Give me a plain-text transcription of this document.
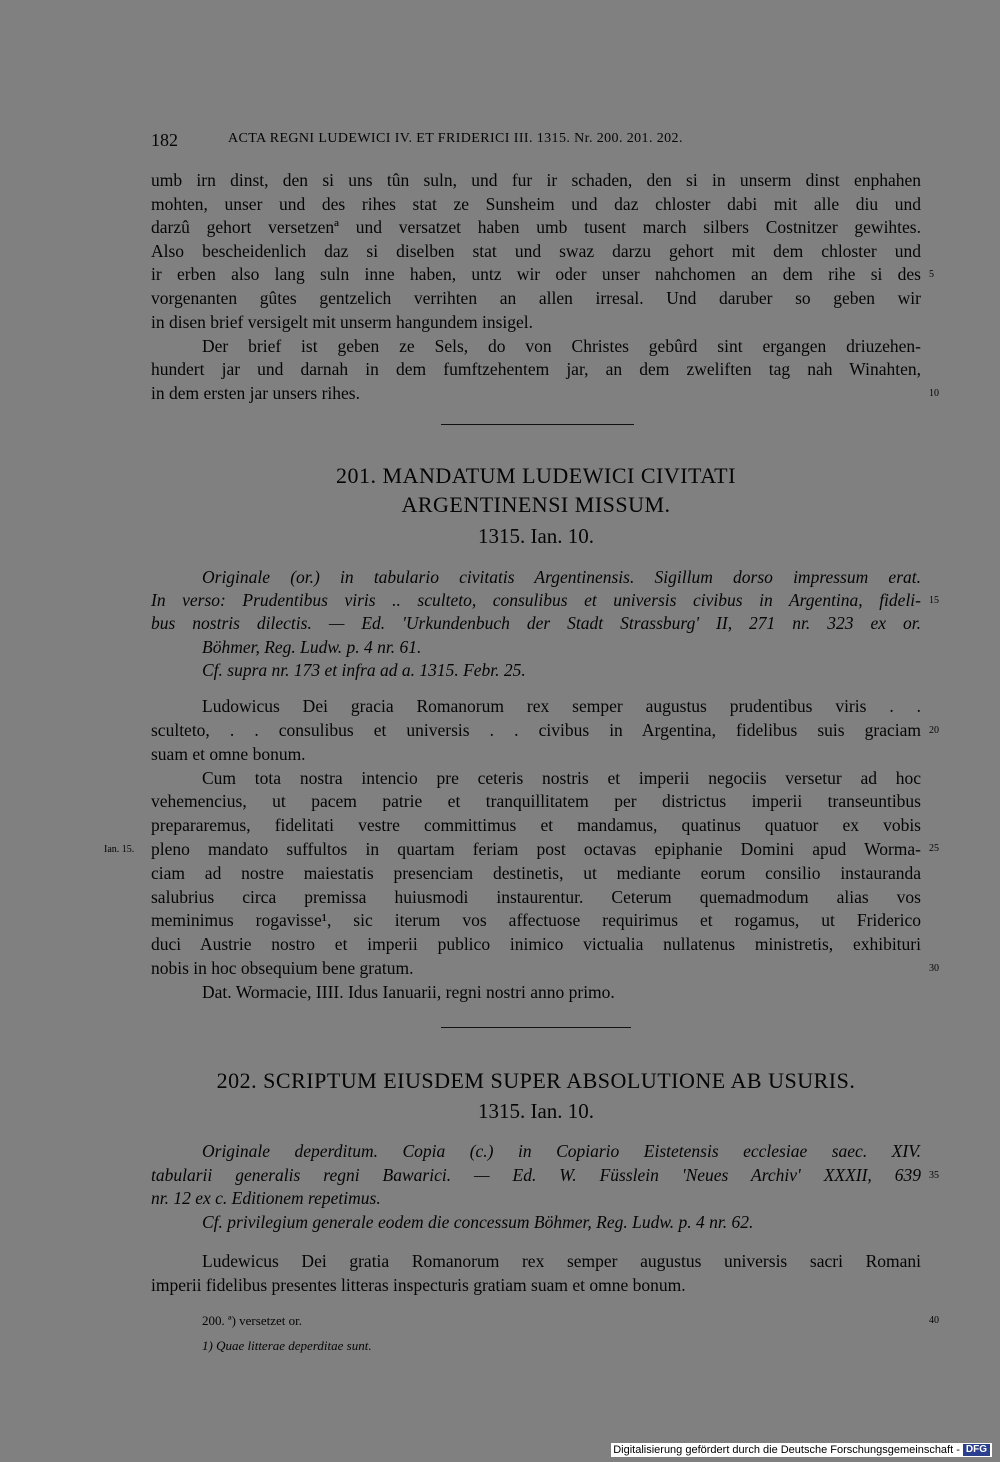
182	ACTA REGNI LUDEWICI IV. ET FRIDERICI III. 1315. Nr. 200. 201. 202.
umb irn dinst, den si uns tûn suln, und fur ir schaden, den si in unserm dinst enphahen
mohten, unser und des rihes stat ze Sunsheim und daz chloster dabi mit alle diu und
darzû gehort versetzenª und versatzet haben umb tusent march silbers Costnitzer gewihtes.
Also bescheidenlich daz si diselben stat und swaz darzu gehort mit dem chloster und
ir erben also lang suln inne haben, untz wir oder unser nahchomen an dem rihe si des
vorgenanten gûtes gentzelich verrihten an allen irresal. Und daruber so geben wir
in disen brief versigelt mit unserm hangundem insigel.
Der brief ist geben ze Sels, do von Christes gebûrd sint ergangen driuzehen-
hundert jar und darnah in dem fumftzehentem jar, an dem zweliften tag nah Winahten,
in dem ersten jar unsers rihes.
201. MANDATUM LUDEWICI CIVITATI
ARGENTINENSI MISSUM.
1315. Ian. 10.
Originale (or.) in tabulario civitatis Argentinensis. Sigillum dorso impressum erat.
In verso: Prudentibus viris .. sculteto, consulibus et universis civibus in Argentina, fideli-
bus nostris dilectis. — Ed. 'Urkundenbuch der Stadt Strassburg' II, 271 nr. 323 ex or.
Böhmer, Reg. Ludw. p. 4 nr. 61.
Cf. supra nr. 173 et infra ad a. 1315. Febr. 25.
Ludowicus Dei gracia Romanorum rex semper augustus prudentibus viris . .
sculteto, . . consulibus et universis . . civibus in Argentina, fidelibus suis graciam
suam et omne bonum.
Cum tota nostra intencio pre ceteris nostris et imperii negociis versetur ad hoc
vehemencius, ut pacem patrie et tranquillitatem per districtus imperii transeuntibus
prepararemus, fidelitati vestre committimus et mandamus, quatinus quatuor ex vobis
pleno mandato suffultos in quartam feriam post octavas epiphanie Domini apud Worma-
ciam ad nostre maiestatis presenciam destinetis, ut mediante eorum consilio instauranda
salubrius circa premissa huiusmodi instaurentur. Ceterum quemadmodum alias vos
meminimus rogavisse¹, sic iterum vos affectuose requirimus et rogamus, ut Friderico
duci Austrie nostro et imperii publico inimico victualia nullatenus ministretis, exhibituri
nobis in hoc obsequium bene gratum.
Dat. Wormacie, IIII. Idus Ianuarii, regni nostri anno primo.
Ian. 15.
202. SCRIPTUM EIUSDEM SUPER ABSOLUTIONE AB USURIS.
1315. Ian. 10.
Originale deperditum. Copia (c.) in Copiario Eistetensis ecclesiae saec. XIV.
tabularii generalis regni Bawarici. — Ed. W. Füsslein 'Neues Archiv' XXXII, 639
nr. 12 ex c. Editionem repetimus.
Cf. privilegium generale eodem die concessum Böhmer, Reg. Ludw. p. 4 nr. 62.
Ludewicus Dei gratia Romanorum rex semper augustus universis sacri Romani
imperii fidelibus presentes litteras inspecturis gratiam suam et omne bonum.
200. ª) versetzet or.
1) Quae litterae deperditae sunt.
5
10
15
20
25
30
35
40
Digitalisierung gefördert durch die Deutsche Forschungsgemeinschaft - DFG
